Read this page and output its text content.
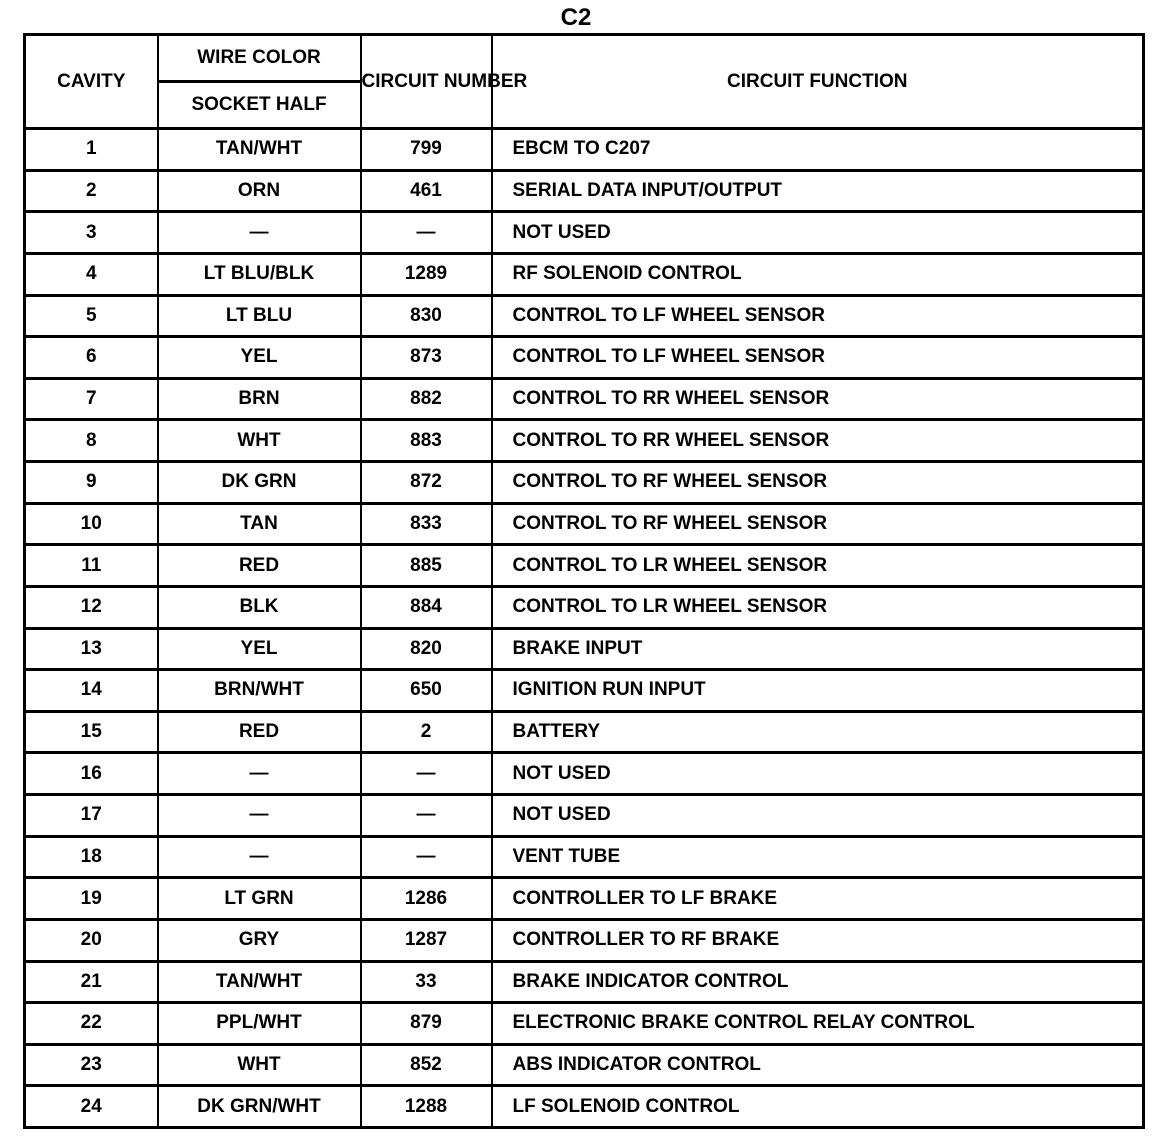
C2
CAVITY	WIRE COLOR	CIRCUIT NUMBER	CIRCUIT FUNCTION
	SOCKET HALF		
1	TAN/WHT	799	EBCM TO C207
2	ORN	461	SERIAL DATA INPUT/OUTPUT
3	—	—	NOT USED
4	LT BLU/BLK	1289	RF SOLENOID CONTROL
5	LT BLU	830	CONTROL TO LF WHEEL SENSOR
6	YEL	873	CONTROL TO LF WHEEL SENSOR
7	BRN	882	CONTROL TO RR WHEEL SENSOR
8	WHT	883	CONTROL TO RR WHEEL SENSOR
9	DK GRN	872	CONTROL TO RF WHEEL SENSOR
10	TAN	833	CONTROL TO RF WHEEL SENSOR
11	RED	885	CONTROL TO LR WHEEL SENSOR
12	BLK	884	CONTROL TO LR WHEEL SENSOR
13	YEL	820	BRAKE INPUT
14	BRN/WHT	650	IGNITION RUN INPUT
15	RED	2	BATTERY
16	—	—	NOT USED
17	—	—	NOT USED
18	—	—	VENT TUBE
19	LT GRN	1286	CONTROLLER TO LF BRAKE
20	GRY	1287	CONTROLLER TO RF BRAKE
21	TAN/WHT	33	BRAKE INDICATOR CONTROL
22	PPL/WHT	879	ELECTRONIC BRAKE CONTROL RELAY CONTROL
23	WHT	852	ABS INDICATOR CONTROL
24	DK GRN/WHT	1288	LF SOLENOID CONTROL
